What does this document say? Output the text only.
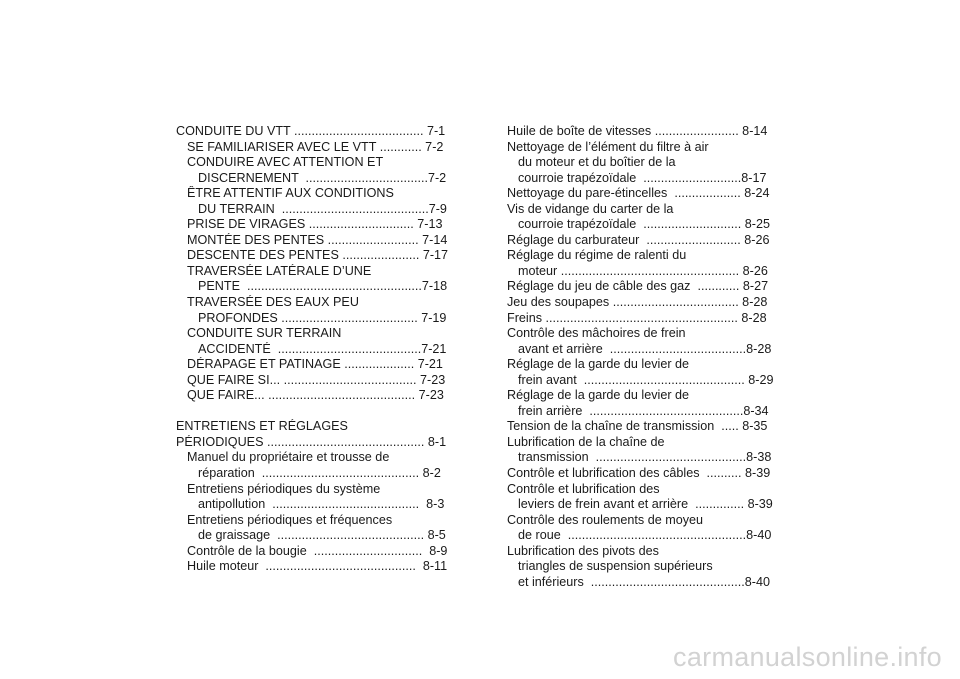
CONDUITE DU VTT ..................................... 7-1
SE FAMILIARISER AVEC LE VTT ............ 7-2
CONDUIRE AVEC ATTENTION ET
DISCERNEMENT  ...................................7-2
ÊTRE ATTENTIF AUX CONDITIONS
DU TERRAIN  ..........................................7-9
PRISE DE VIRAGES .............................. 7-13
MONTÉE DES PENTES .......................... 7-14
DESCENTE DES PENTES ...................... 7-17
TRAVERSÉE LATÉRALE D’UNE
PENTE  ..................................................7-18
TRAVERSÉE DES EAUX PEU
PROFONDES ....................................... 7-19
CONDUITE SUR TERRAIN
ACCIDENTÉ  .........................................7-21
DÉRAPAGE ET PATINAGE .................... 7-21
QUE FAIRE SI... ...................................... 7-23
QUE FAIRE... .......................................... 7-23
ENTRETIENS ET RÉGLAGES
PÉRIODIQUES ............................................. 8-1
Manuel du propriétaire et trousse de
réparation  ............................................. 8-2
Entretiens périodiques du système
antipollution  ..........................................  8-3
Entretiens périodiques et fréquences
de graissage  .......................................... 8-5
Contrôle de la bougie  ...............................  8-9
Huile moteur  ...........................................  8-11
Huile de boîte de vitesses ........................ 8-14
Nettoyage de l’élément du filtre à air
du moteur et du boîtier de la
courroie trapézoïdale  ............................8-17
Nettoyage du pare-étincelles  ................... 8-24
Vis de vidange du carter de la
courroie trapézoïdale  ............................ 8-25
Réglage du carburateur  ........................... 8-26
Réglage du régime de ralenti du
moteur ................................................... 8-26
Réglage du jeu de câble des gaz  ............ 8-27
Jeu des soupapes .................................... 8-28
Freins ....................................................... 8-28
Contrôle des mâchoires de frein
avant et arrière  .......................................8-28
Réglage de la garde du levier de
frein avant  .............................................. 8-29
Réglage de la garde du levier de
frein arrière  ............................................8-34
Tension de la chaîne de transmission  ..... 8-35
Lubrification de la chaîne de
transmission  ...........................................8-38
Contrôle et lubrification des câbles  .......... 8-39
Contrôle et lubrification des
leviers de frein avant et arrière  .............. 8-39
Contrôle des roulements de moyeu
de roue  ...................................................8-40
Lubrification des pivots des
triangles de suspension supérieurs
et inférieurs  ............................................8-40
carmanualsonline.info
